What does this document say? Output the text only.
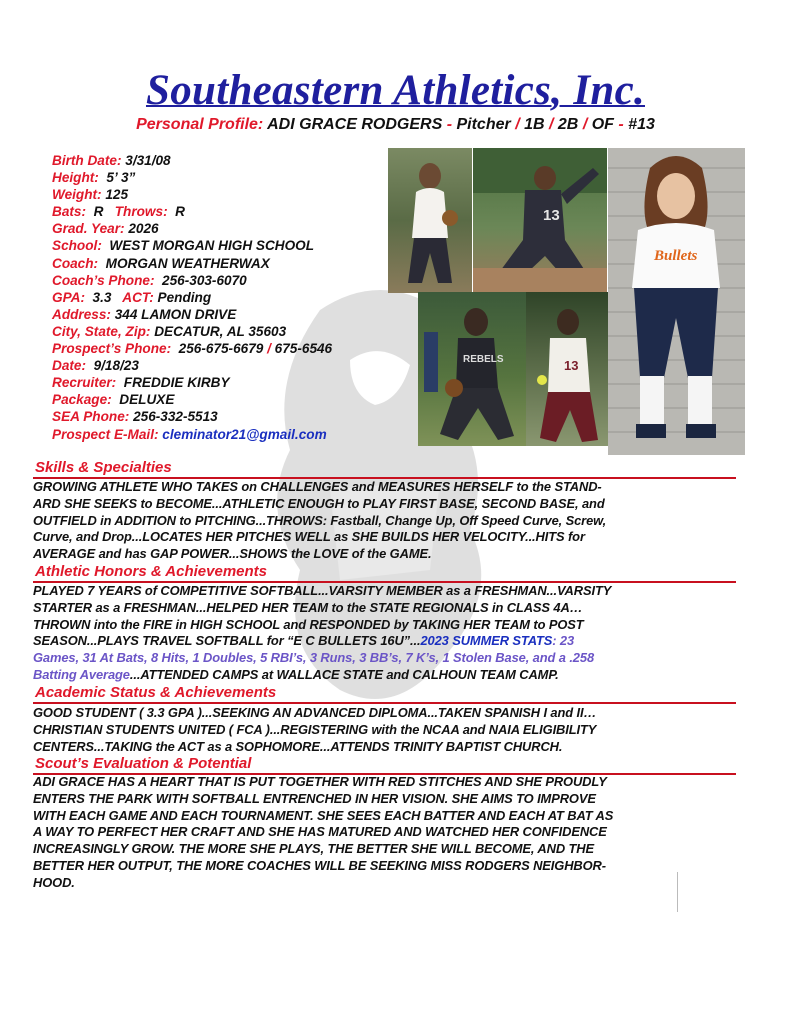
Southeastern Athletics, Inc.
Personal Profile: ADI GRACE RODGERS - Pitcher / 1B / 2B / OF - #13
Birth Date: 3/31/08
Height: 5’ 3”
Weight: 125
Bats: R Throws: R
Grad. Year: 2026
School: WEST MORGAN HIGH SCHOOL
Coach: MORGAN WEATHERWAX
Coach’s Phone: 256-303-6070
GPA: 3.3 ACT: Pending
Address: 344 LAMON DRIVE
City, State, Zip: DECATUR, AL 35603
Prospect’s Phone: 256-675-6679 / 675-6546
Date: 9/18/23
Recruiter: FREDDIE KIRBY
Package: DELUXE
SEA Phone: 256-332-5513
Prospect E-Mail: cleminator21@gmail.com
13
REBELS	13
Bullets
Skills & Specialties
GROWING ATHLETE WHO TAKES on CHALLENGES and MEASURES HERSELF to the STAND-
ARD SHE SEEKS to BECOME...ATHLETIC ENOUGH to PLAY FIRST BASE, SECOND BASE, and
OUTFIELD in ADDITION to PITCHING...THROWS: Fastball, Change Up, Off Speed Curve, Screw,
Curve, and Drop...LOCATES HER PITCHES WELL as SHE BUILDS HER VELOCITY...HITS for
AVERAGE and has GAP POWER...SHOWS the LOVE of the GAME.
Athletic Honors & Achievements
PLAYED 7 YEARS of COMPETITIVE SOFTBALL...VARSITY MEMBER as a FRESHMAN...VARSITY
STARTER as a FRESHMAN...HELPED HER TEAM to the STATE REGIONALS in CLASS 4A…
THROWN into the FIRE in HIGH SCHOOL and RESPONDED by TAKING HER TEAM to POST
SEASON...PLAYS TRAVEL SOFTBALL for “E C BULLETS 16U”...2023 SUMMER STATS: 23
Games, 31 At Bats, 8 Hits, 1 Doubles, 5 RBI’s, 3 Runs, 3 BB’s, 7 K’s, 1 Stolen Base, and a .258
Batting Average...ATTENDED CAMPS at WALLACE STATE and CALHOUN TEAM CAMP.
Academic Status & Achievements
GOOD STUDENT ( 3.3 GPA )...SEEKING AN ADVANCED DIPLOMA...TAKEN SPANISH I and II…
CHRISTIAN STUDENTS UNITED ( FCA )...REGISTERING with the NCAA and NAIA ELIGIBILITY
CENTERS...TAKING the ACT as a SOPHOMORE...ATTENDS TRINITY BAPTIST CHURCH.
Scout’s Evaluation & Potential
ADI GRACE HAS A HEART THAT IS PUT TOGETHER WITH RED STITCHES AND SHE PROUDLY
ENTERS THE PARK WITH SOFTBALL ENTRENCHED IN HER VISION. SHE AIMS TO IMPROVE
WITH EACH GAME AND EACH TOURNAMENT. SHE SEES EACH BATTER AND EACH AT BAT AS
A WAY TO PERFECT HER CRAFT AND SHE HAS MATURED AND WATCHED HER CONFIDENCE
INCREASINGLY GROW. THE MORE SHE PLAYS, THE BETTER SHE WILL BECOME, AND THE
BETTER HER OUTPUT, THE MORE COACHES WILL BE SEEKING MISS RODGERS NEIGHBOR-
HOOD.
